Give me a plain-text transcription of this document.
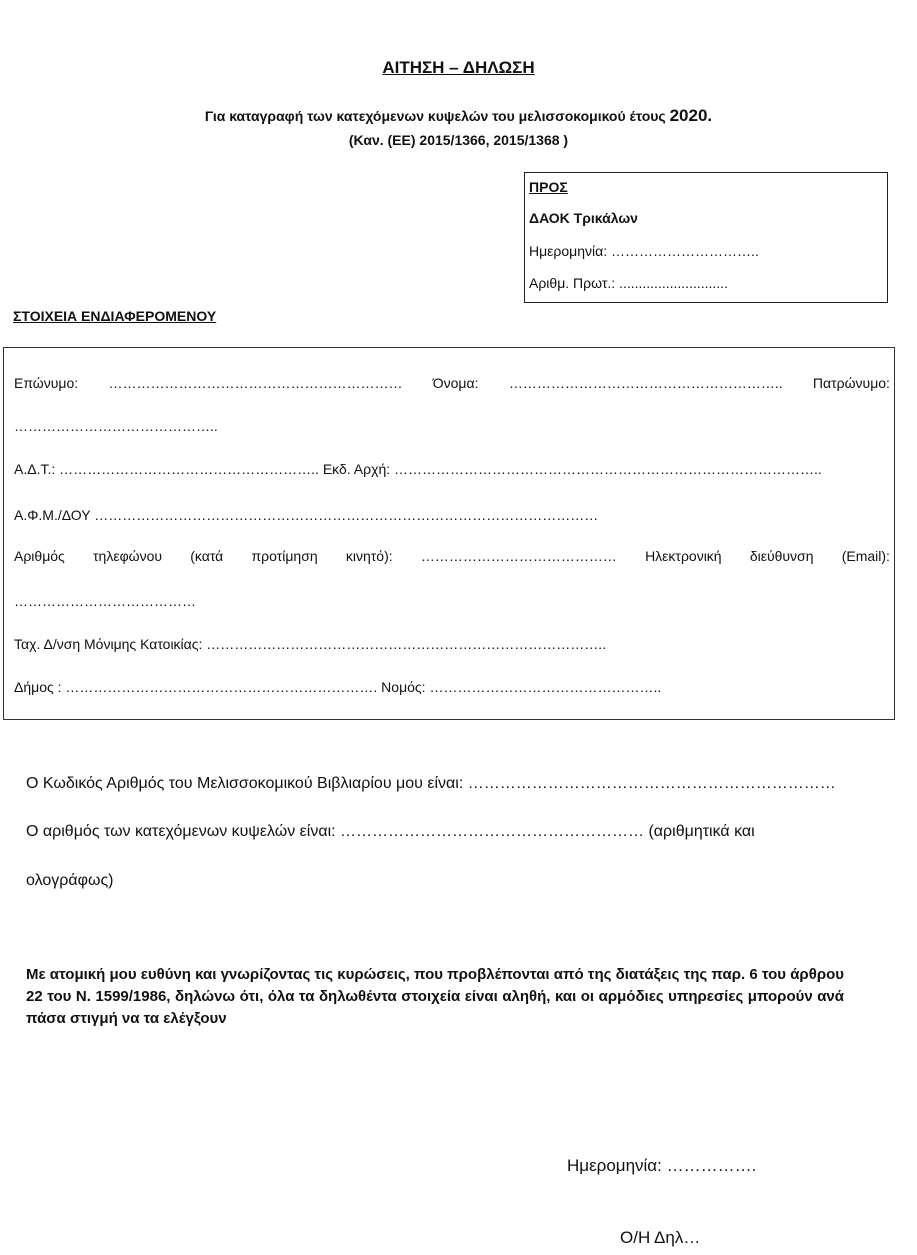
ΑΙΤΗΣΗ – ΔΗΛΩΣΗ
Για καταγραφή των κατεχόμενων κυψελών του μελισσοκομικού έτους 2020.
(Καν. (ΕΕ) 2015/1366, 2015/1368 )
ΠΡΟΣ
ΔΑΟΚ Τρικάλων
Ημερομηνία: …………………………..
Αριθμ. Πρωτ.: ............................
ΣΤΟΙΧΕΙΑ ΕΝΔΙΑΦΕΡΟΜΕΝΟΥ
Επώνυμο: ……………………………………………………… Όνομα: ………………………………………………….. Πατρώνυμο:
……………………………………..
Α.Δ.Τ.: ……………………………………………….. Εκδ. Αρχή: ………………………………………………………………………………..
Α.Φ.Μ./ΔΟΥ ………………………………………………………………………………………………
Αριθμός τηλεφώνου (κατά προτίμηση κινητό): …………………………………… Ηλεκτρονική διεύθυνση (Email):
…………………………………
Ταχ. Δ/νση Μόνιμης Κατοικίας: …………………………………………………………………………..
Δήμος : …………………………………………………………. Νομός: …………………………………………..
Ο Κωδικός Αριθμός του Μελισσοκομικού Βιβλιαρίου μου είναι: ……………………………………………………………
Ο αριθμός των κατεχόμενων κυψελών είναι: ………………………………………………… (αριθμητικά και
ολογράφως)
Με ατομική μου ευθύνη και γνωρίζοντας τις κυρώσεις, που προβλέπονται από της διατάξεις της παρ. 6 του άρθρου 22 του Ν. 1599/1986, δηλώνω ότι, όλα τα δηλωθέντα στοιχεία είναι αληθή, και οι αρμόδιες υπηρεσίες μπορούν ανά πάσα στιγμή να τα ελέγξουν
Ημερομηνία: …………….
Ο/Η Δηλ…
